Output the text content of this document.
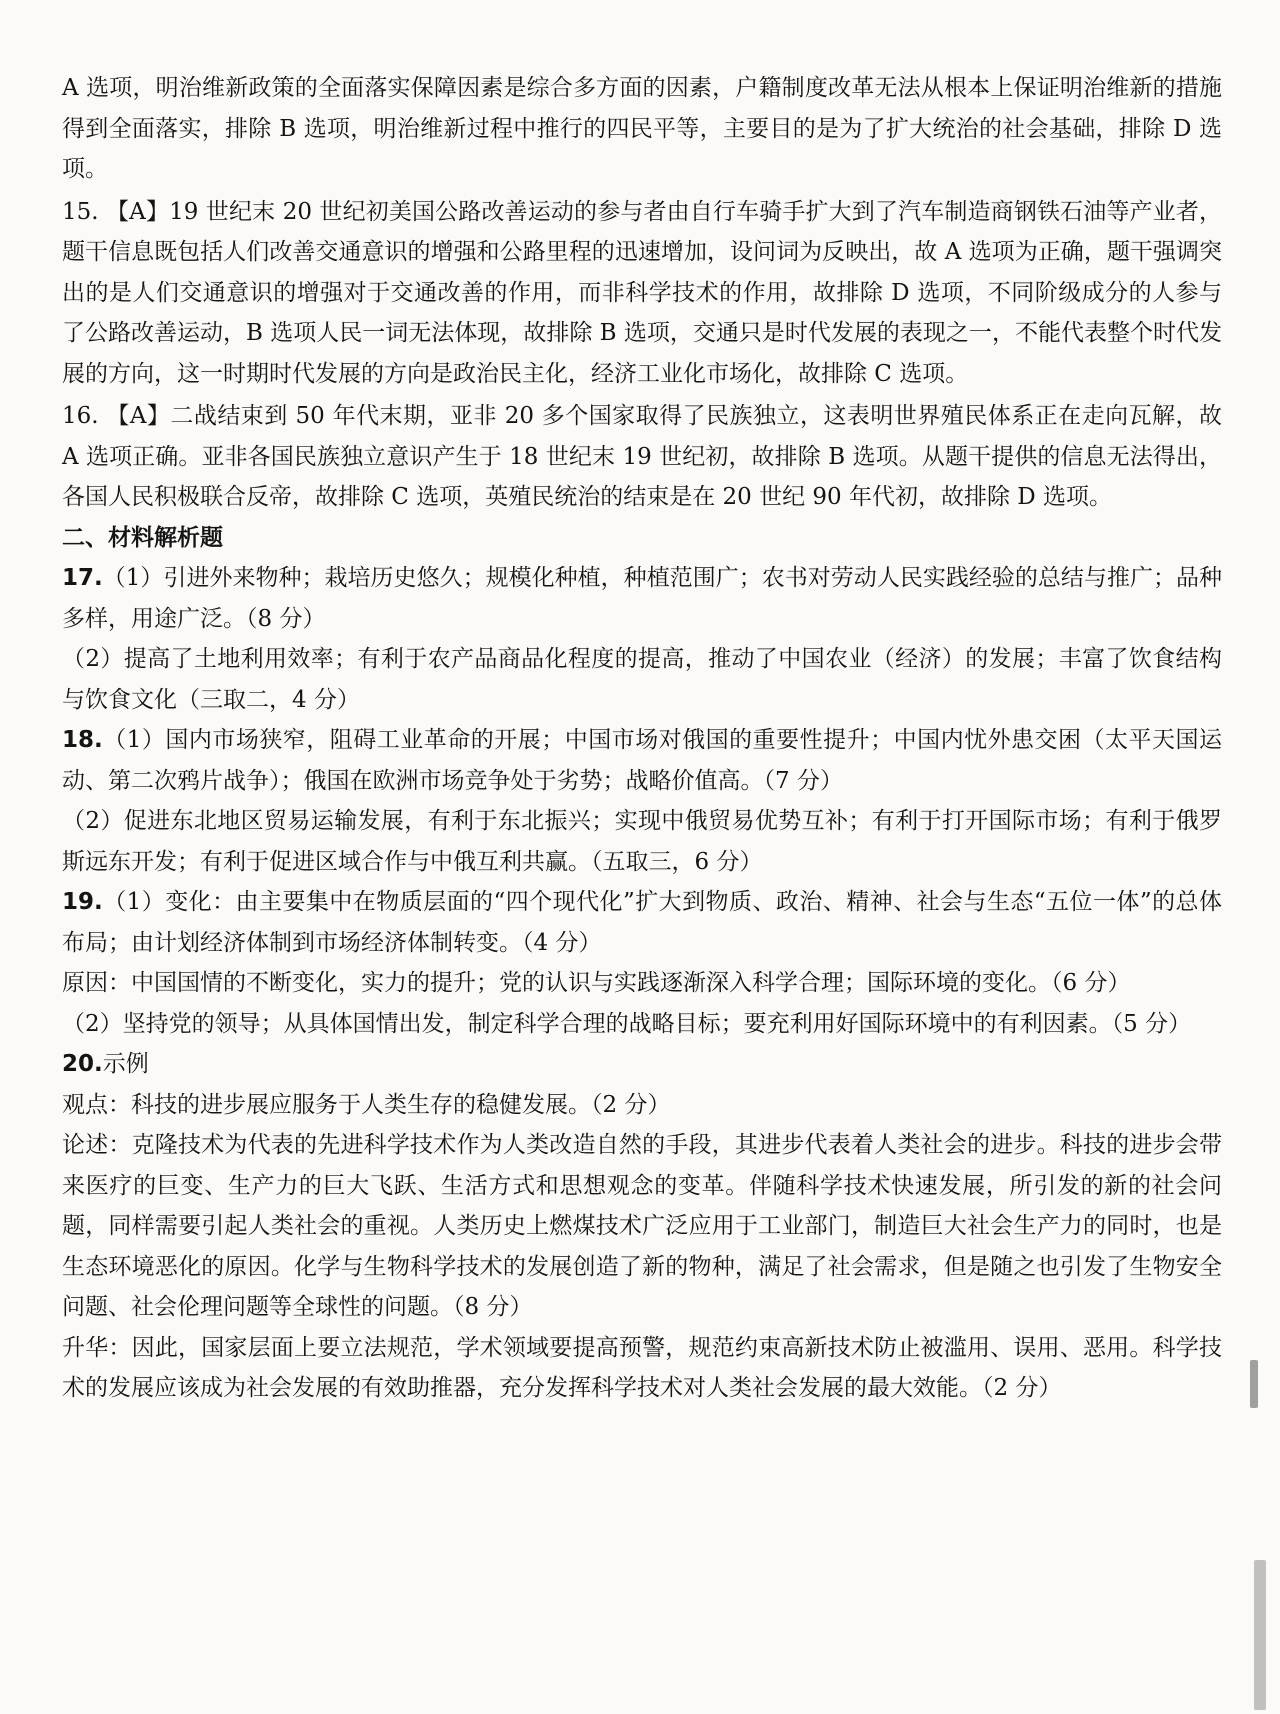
A 选项，明治维新政策的全面落实保障因素是综合多方面的因素，户籍制度改革无法从根本上保证明治维新的措施得到全面落实，排除 B 选项，明治维新过程中推行的四民平等，主要目的是为了扩大统治的社会基础，排除 D 选项。

15. 【A】19 世纪末 20 世纪初美国公路改善运动的参与者由自行车骑手扩大到了汽车制造商钢铁石油等产业者，题干信息既包括人们改善交通意识的增强和公路里程的迅速增加，设问词为反映出，故 A 选项为正确，题干强调突出的是人们交通意识的增强对于交通改善的作用，而非科学技术的作用，故排除 D 选项，不同阶级成分的人参与了公路改善运动，B 选项人民一词无法体现，故排除 B 选项，交通只是时代发展的表现之一，不能代表整个时代发展的方向，这一时期时代发展的方向是政治民主化，经济工业化市场化，故排除 C 选项。

16. 【A】二战结束到 50 年代末期，亚非 20 多个国家取得了民族独立，这表明世界殖民体系正在走向瓦解，故 A 选项正确。亚非各国民族独立意识产生于 18 世纪末 19 世纪初，故排除 B 选项。从题干提供的信息无法得出，各国人民积极联合反帝，故排除 C 选项，英殖民统治的结束是在 20 世纪 90 年代初，故排除 D 选项。

二、材料解析题

17.（1）引进外来物种；栽培历史悠久；规模化种植，种植范围广；农书对劳动人民实践经验的总结与推广；品种多样，用途广泛。（8 分）

（2）提高了土地利用效率；有利于农产品商品化程度的提高，推动了中国农业（经济）的发展；丰富了饮食结构与饮食文化（三取二，4 分）

18.（1）国内市场狭窄，阻碍工业革命的开展；中国市场对俄国的重要性提升；中国内忧外患交困（太平天国运动、第二次鸦片战争）；俄国在欧洲市场竞争处于劣势；战略价值高。（7 分）

（2）促进东北地区贸易运输发展，有利于东北振兴；实现中俄贸易优势互补；有利于打开国际市场；有利于俄罗斯远东开发；有利于促进区域合作与中俄互利共赢。（五取三，6 分）

19.（1）变化：由主要集中在物质层面的“四个现代化”扩大到物质、政治、精神、社会与生态“五位一体”的总体布局；由计划经济体制到市场经济体制转变。（4 分）

原因：中国国情的不断变化，实力的提升；党的认识与实践逐渐深入科学合理；国际环境的变化。（6 分）

（2）坚持党的领导；从具体国情出发，制定科学合理的战略目标；要充利用好国际环境中的有利因素。（5 分）

20.示例

观点：科技的进步展应服务于人类生存的稳健发展。（2 分）

论述：克隆技术为代表的先进科学技术作为人类改造自然的手段，其进步代表着人类社会的进步。科技的进步会带来医疗的巨变、生产力的巨大飞跃、生活方式和思想观念的变革。伴随科学技术快速发展，所引发的新的社会问题，同样需要引起人类社会的重视。人类历史上燃煤技术广泛应用于工业部门，制造巨大社会生产力的同时，也是生态环境恶化的原因。化学与生物科学技术的发展创造了新的物种，满足了社会需求，但是随之也引发了生物安全问题、社会伦理问题等全球性的问题。（8 分）

升华：因此，国家层面上要立法规范，学术领域要提高预警，规范约束高新技术防止被滥用、误用、恶用。科学技术的发展应该成为社会发展的有效助推器，充分发挥科学技术对人类社会发展的最大效能。（2 分）
